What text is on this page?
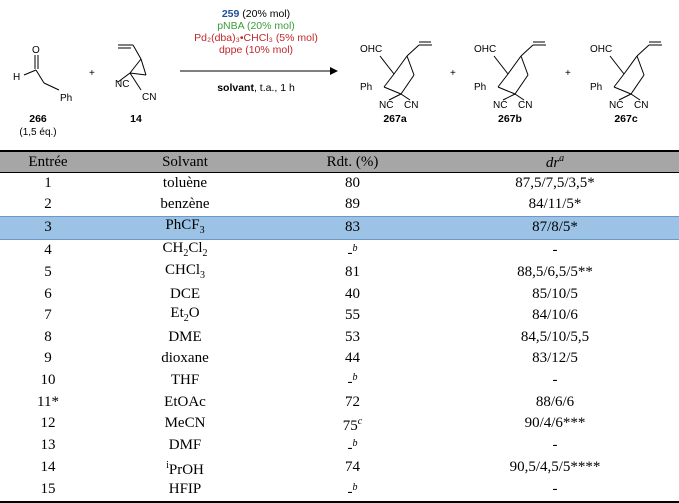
O
H
Ph
+
NC
CN
OHC
Ph
NC CN
+
OHC
Ph
NC CN
+
OHC
Ph
NC CN
266	14	267a	267b	267c
(1,5 éq.)
259 (20% mol)
pNBA (20% mol)
Pd₂(dba)₃•CHCl₃ (5% mol)
dppe (10% mol)
solvant, t.a., 1 h
Entrée	Solvant	Rdt. (%)	$dr^a$
1	toluène	80	87,5/7,5/3,5*
2	benzène	89	84/11/5*
3	PhCF$_3$	83	87/8/5*
4	$CH_2Cl_2$	-$^b$	-
5	CHCl$_3$	81	88,5/6,5/5**
6	DCE	40	85/10/5
7	$Et_2O$	55	84/10/6
8	DME	53	84,5/10/5,5
9	dioxane	44	83/12/5
10	THF	-$^b$	-
11*	EtOAc	72	88/6/6
12	MeCN	75$^c$	90/4/6***
13	DMF	-$^b$	-
14	$^i$PrOH	74	90,5/4,5/5****
15	HFIP	-$^b$	-
